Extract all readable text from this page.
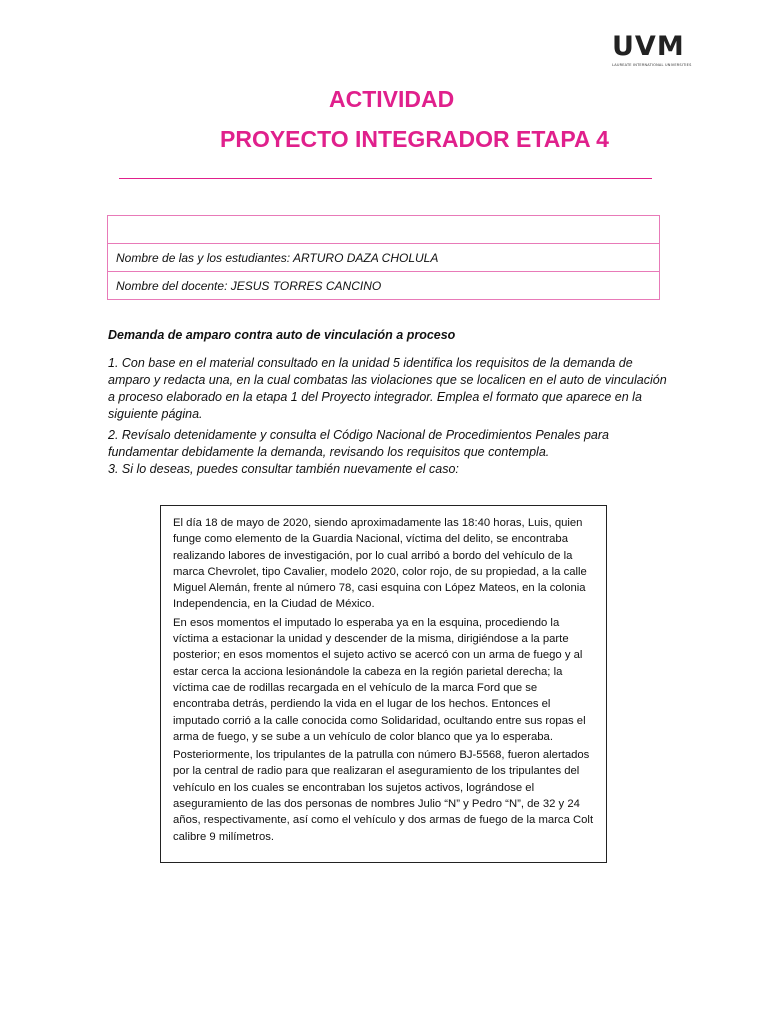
UVM
LAUREATE INTERNATIONAL UNIVERSITIES
ACTIVIDAD
PROYECTO INTEGRADOR ETAPA 4
Nombre de las y los estudiantes: ARTURO DAZA CHOLULA
Nombre del docente: JESUS TORRES CANCINO
Demanda de amparo contra auto de vinculación a proceso

1. Con base en el material consultado en la unidad 5 identifica los requisitos de la demanda de amparo y redacta una, en la cual combatas las violaciones que se localicen en el auto de vinculación a proceso elaborado en la etapa 1 del Proyecto integrador. Emplea el formato que aparece en la siguiente página.

2. Revísalo detenidamente y consulta el Código Nacional de Procedimientos Penales para fundamentar debidamente la demanda, revisando los requisitos que contempla.

3. Si lo deseas, puedes consultar también nuevamente el caso:

El día 18 de mayo de 2020, siendo aproximadamente las 18:40 horas, Luis, quien funge como elemento de la Guardia Nacional, víctima del delito, se encontraba realizando labores de investigación, por lo cual arribó a bordo del vehículo de la marca Chevrolet, tipo Cavalier, modelo 2020, color rojo, de su propiedad, a la calle Miguel Alemán, frente al número 78, casi esquina con López Mateos, en la colonia Independencia, en la Ciudad de México.

En esos momentos el imputado lo esperaba ya en la esquina, procediendo la víctima a estacionar la unidad y descender de la misma, dirigiéndose a la parte posterior; en esos momentos el sujeto activo se acercó con un arma de fuego y al estar cerca la acciona lesionándole la cabeza en la región parietal derecha; la víctima cae de rodillas recargada en el vehículo de la marca Ford que se encontraba detrás, perdiendo la vida en el lugar de los hechos. Entonces el imputado corrió a la calle conocida como Solidaridad, ocultando entre sus ropas el arma de fuego, y se sube a un vehículo de color blanco que ya lo esperaba.

Posteriormente, los tripulantes de la patrulla con número BJ-5568, fueron alertados por la central de radio para que realizaran el aseguramiento de los tripulantes del vehículo en los cuales se encontraban los sujetos activos, lográndose el aseguramiento de las dos personas de nombres Julio “N” y Pedro “N”, de 32 y 24 años, respectivamente, así como el vehículo y dos armas de fuego de la marca Colt calibre 9 milímetros.
